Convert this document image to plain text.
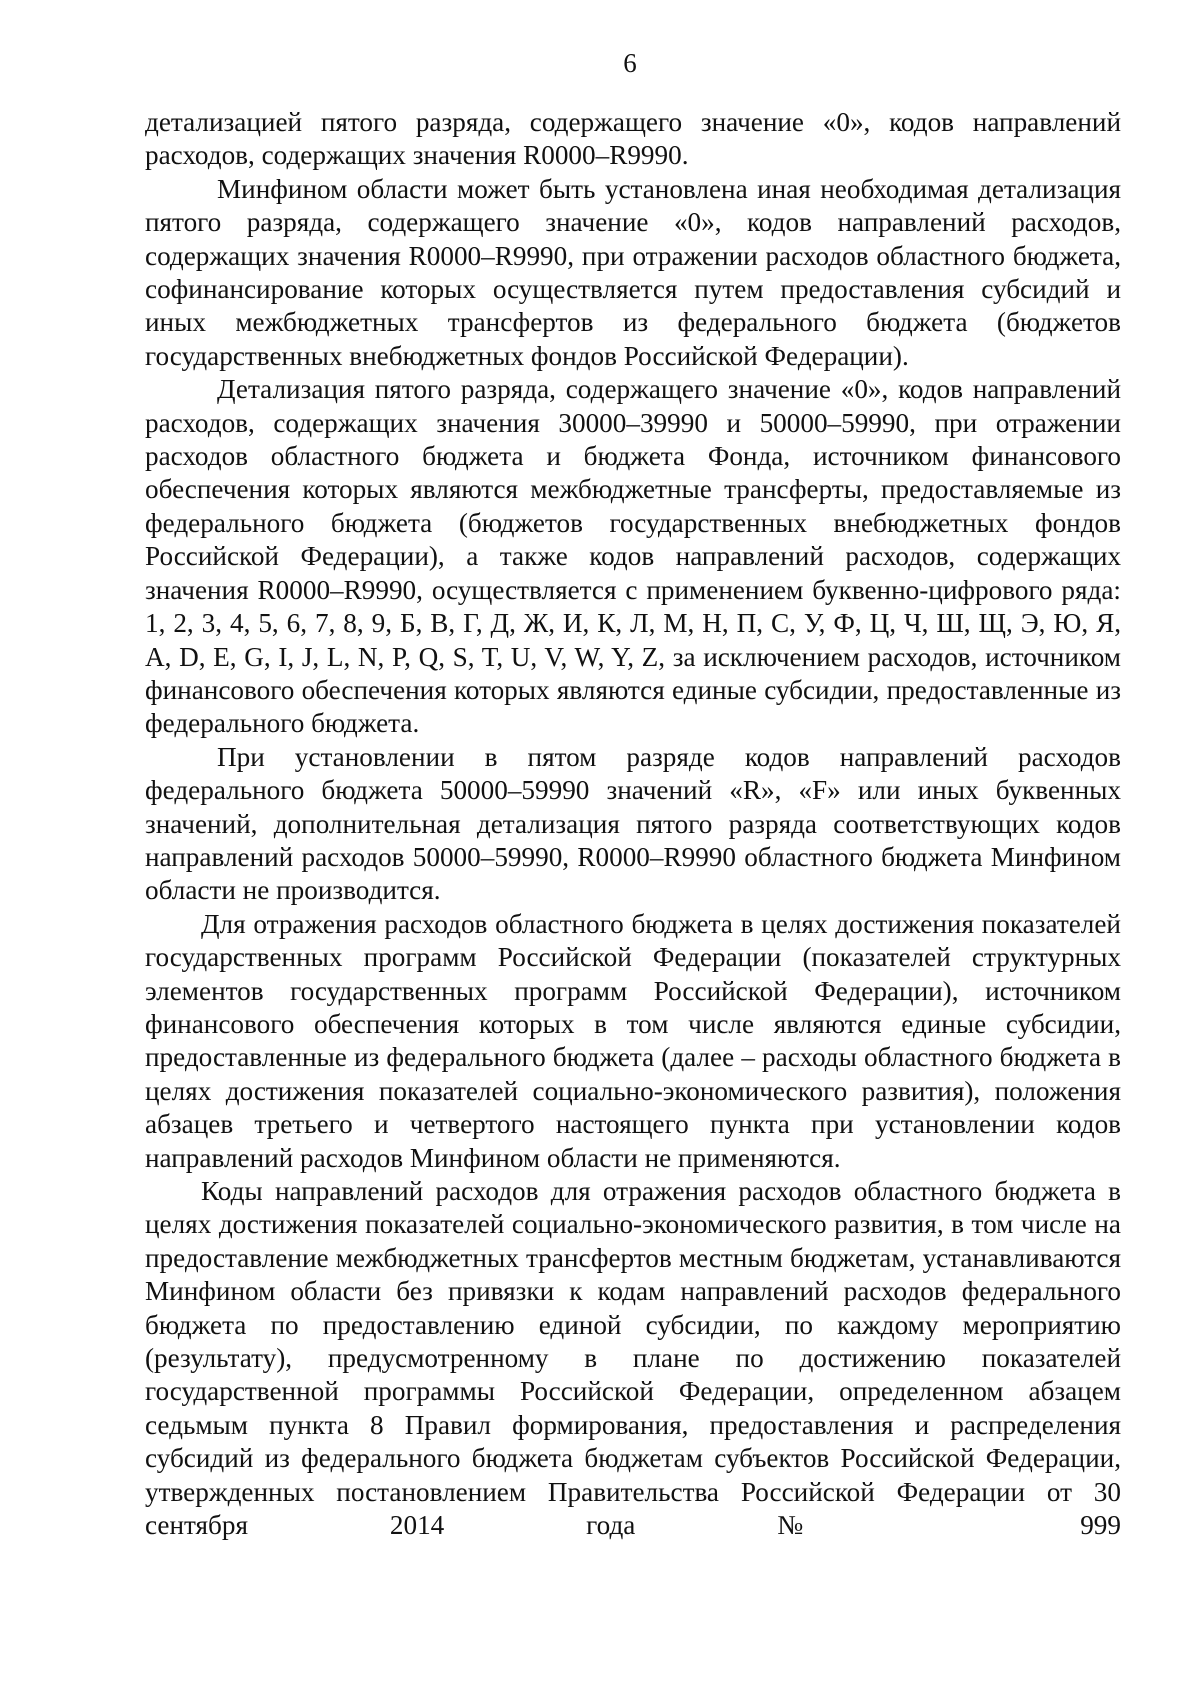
6

детализацией пятого разряда, содержащего значение «0», кодов направлений расходов, содержащих значения R0000–R9990.

Минфином области может быть установлена иная необходимая детализация пятого разряда, содержащего значение «0», кодов направлений расходов, содержащих значения R0000–R9990, при отражении расходов областного бюджета, софинансирование которых осуществляется путем предоставления субсидий и иных межбюджетных трансфертов из федерального бюджета (бюджетов государственных внебюджетных фондов Российской Федерации).

Детализация пятого разряда, содержащего значение «0», кодов направлений расходов, содержащих значения 30000–39990 и 50000–59990, при отражении расходов областного бюджета и бюджета Фонда, источником финансового обеспечения которых являются межбюджетные трансферты, предоставляемые из федерального бюджета (бюджетов государственных внебюджетных фондов Российской Федерации), а также кодов направлений расходов, содержащих значения R0000–R9990, осуществляется с применением буквенно-цифрового ряда: 1, 2, 3, 4, 5, 6, 7, 8, 9, Б, В, Г, Д, Ж, И, К, Л, М, Н, П, С, У, Ф, Ц, Ч, Ш, Щ, Э, Ю, Я, A, D, E, G, I, J, L, N, P, Q, S, T, U, V, W, Y, Z, за исключением расходов, источником финансового обеспечения которых являются единые субсидии, предоставленные из федерального бюджета.

При установлении в пятом разряде кодов направлений расходов федерального бюджета 50000–59990 значений «R», «F» или иных буквенных значений, дополнительная детализация пятого разряда соответствующих кодов направлений расходов 50000–59990, R0000–R9990 областного бюджета Минфином области не производится.

Для отражения расходов областного бюджета в целях достижения показателей государственных программ Российской Федерации (показателей структурных элементов государственных программ Российской Федерации), источником финансового обеспечения которых в том числе являются единые субсидии, предоставленные из федерального бюджета (далее – расходы областного бюджета в целях достижения показателей социально-экономического развития), положения абзацев третьего и четвертого настоящего пункта при установлении кодов направлений расходов Минфином области не применяются.

Коды направлений расходов для отражения расходов областного бюджета в целях достижения показателей социально-экономического развития, в том числе на предоставление межбюджетных трансфертов местным бюджетам, устанавливаются Минфином области без привязки к кодам направлений расходов федерального бюджета по предоставлению единой субсидии, по каждому мероприятию (результату), предусмотренному в плане по достижению показателей государственной программы Российской Федерации, определенном абзацем седьмым пункта 8 Правил формирования, предоставления и распределения субсидий из федерального бюджета бюджетам субъектов Российской Федерации, утвержденных постановлением Правительства Российской Федерации от 30 сентября 2014 года № 999
